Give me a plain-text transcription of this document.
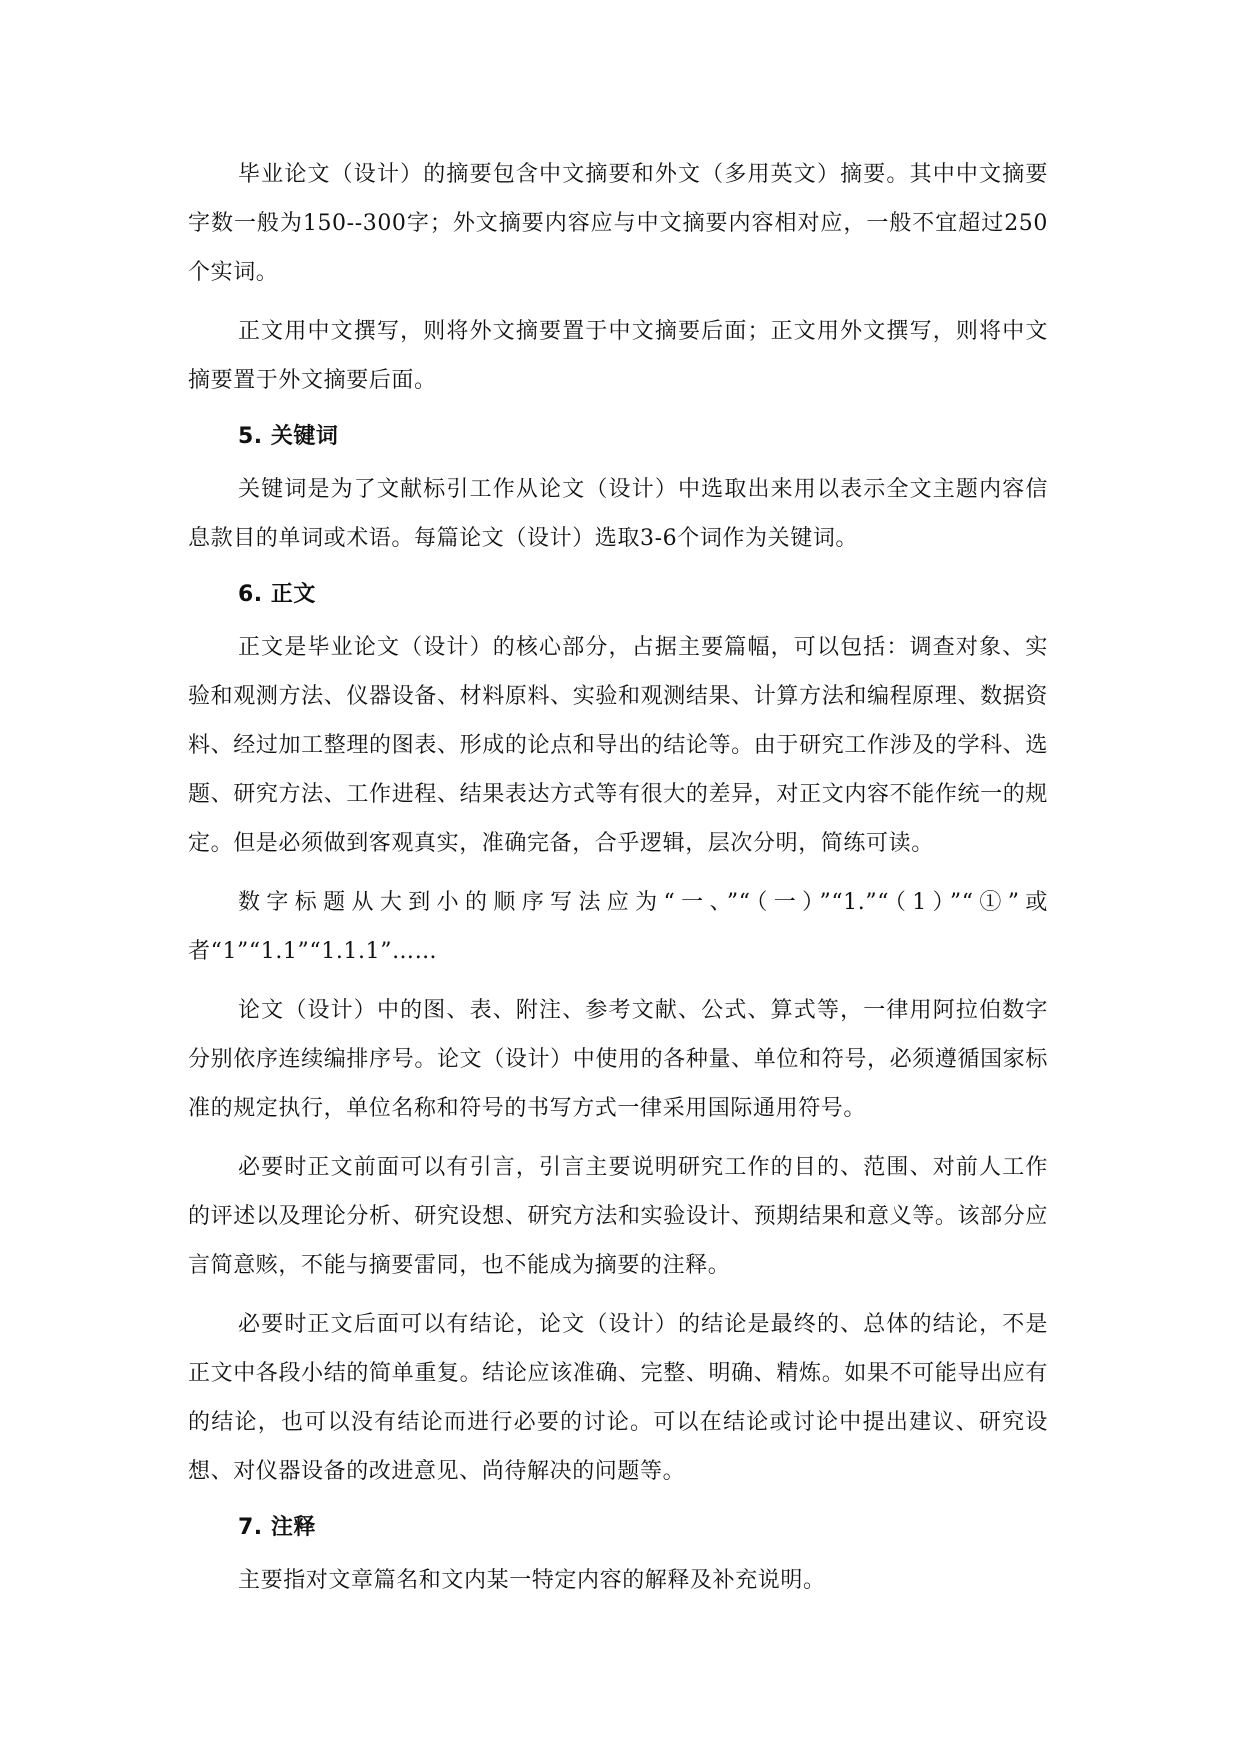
毕业论文（设计）的摘要包含中文摘要和外文（多用英文）摘要。其中中文摘要字数一般为150--300字；外文摘要内容应与中文摘要内容相对应，一般不宜超过250个实词。

正文用中文撰写，则将外文摘要置于中文摘要后面；正文用外文撰写，则将中文摘要置于外文摘要后面。

5. 关键词

关键词是为了文献标引工作从论文（设计）中选取出来用以表示全文主题内容信息款目的单词或术语。每篇论文（设计）选取3-6个词作为关键词。

6. 正文

正文是毕业论文（设计）的核心部分，占据主要篇幅，可以包括：调查对象、实验和观测方法、仪器设备、材料原料、实验和观测结果、计算方法和编程原理、数据资料、经过加工整理的图表、形成的论点和导出的结论等。由于研究工作涉及的学科、选题、研究方法、工作进程、结果表达方式等有很大的差异，对正文内容不能作统一的规定。但是必须做到客观真实，准确完备，合乎逻辑，层次分明，简练可读。

数字标题从大到小的顺序写法应为“一、”“（一）”“1.”“（1）”“①”或者“1”“1.1”“1.1.1”……

论文（设计）中的图、表、附注、参考文献、公式、算式等，一律用阿拉伯数字分别依序连续编排序号。论文（设计）中使用的各种量、单位和符号，必须遵循国家标准的规定执行，单位名称和符号的书写方式一律采用国际通用符号。

必要时正文前面可以有引言，引言主要说明研究工作的目的、范围、对前人工作的评述以及理论分析、研究设想、研究方法和实验设计、预期结果和意义等。该部分应言简意赅，不能与摘要雷同，也不能成为摘要的注释。

必要时正文后面可以有结论，论文（设计）的结论是最终的、总体的结论，不是正文中各段小结的简单重复。结论应该准确、完整、明确、精炼。如果不可能导出应有的结论，也可以没有结论而进行必要的讨论。可以在结论或讨论中提出建议、研究设想、对仪器设备的改进意见、尚待解决的问题等。

7. 注释

主要指对文章篇名和文内某一特定内容的解释及补充说明。
